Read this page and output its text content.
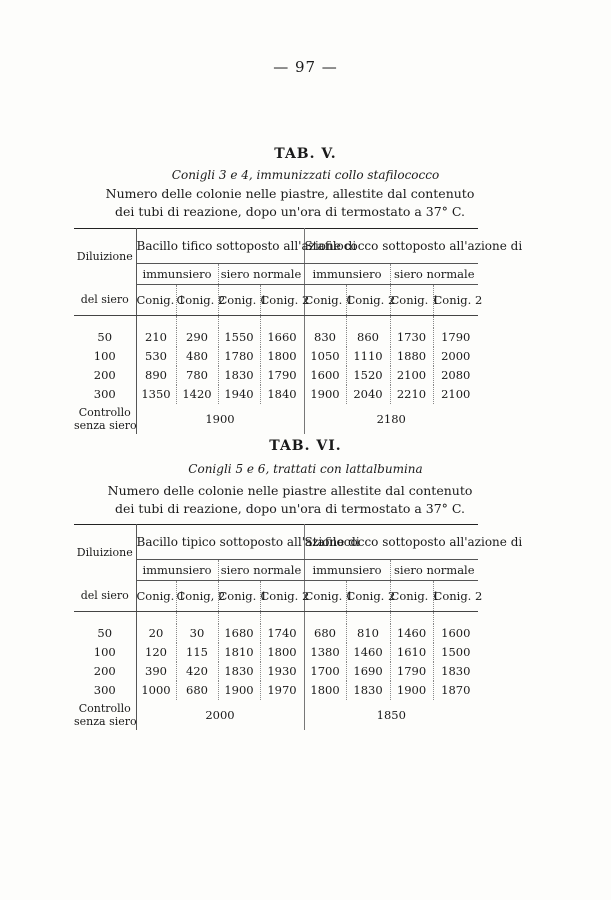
— 97 —
TAB. V.
Conigli 3 e 4, immunizzati collo stafilococco
Numero delle colonie nelle piastre, allestite dal contenuto
dei tubi di reazione, dopo un'ora di termostato a 37° C.
Diluizione	Bacillo tifico sottoposto all'azione di				Stafilococco sottoposto all'azione di			
	immunsiero		siero normale		immunsiero		siero normale	
del siero	Conig. 1	Conig. 2	Conig. 1	Conig. 2	Conig. 1	Conig. 2	Conig. 1	Conig. 2

50	210	290	1550	1660	830	860	1730	1790
100	530	480	1780	1800	1050	1110	1880	2000
200	890	780	1830	1790	1600	1520	2100	2080
300	1350	1420	1940	1840	1900	2040	2210	2100
Controllo
senza siero	1900				2180			
TAB. VI.
Conigli 5 e 6, trattati con lattalbumina
Numero delle colonie nelle piastre allestite dal contenuto
dei tubi di reazione, dopo un'ora di termostato a 37° C.
Diluizione	Bacillo tipico sottoposto all'azione di				Stafilococco sottoposto all'azione di			
	immunsiero		siero normale		immunsiero		siero normale	
del siero	Conig. 1	Conig, 2	Conig. 1	Conig. 2	Conig. 1	Conig. 2	Conig. 1	Conig. 2

50	20	30	1680	1740	680	810	1460	1600
100	120	115	1810	1800	1380	1460	1610	1500
200	390	420	1830	1930	1700	1690	1790	1830
300	1000	680	1900	1970	1800	1830	1900	1870
Controllo
senza siero	2000				1850			
